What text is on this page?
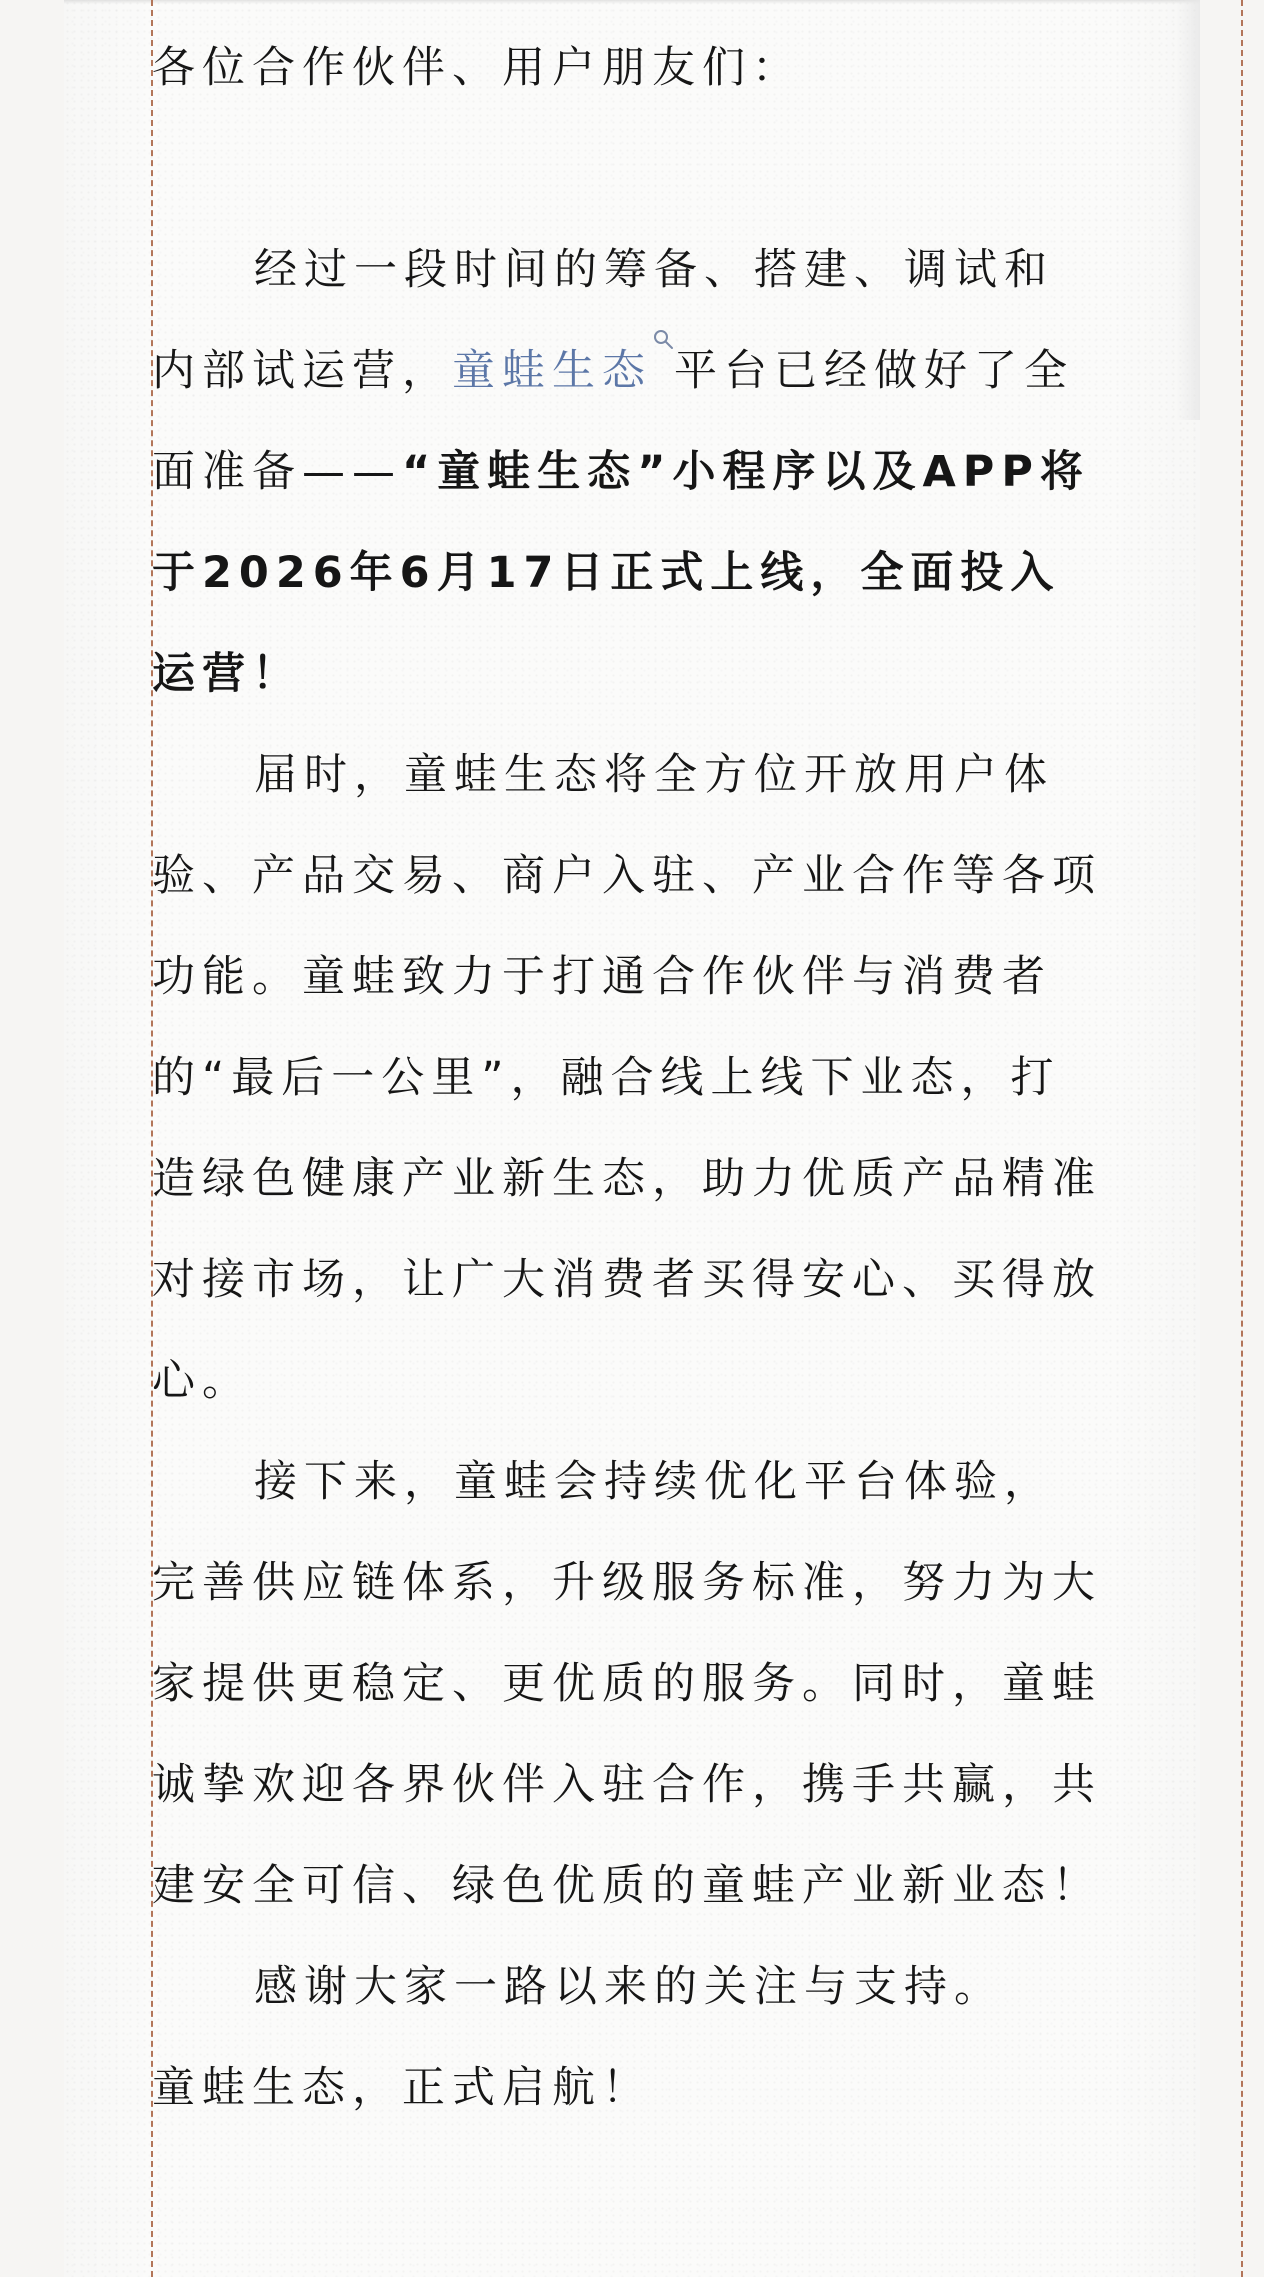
各位合作伙伴、用户朋友们：

经过一段时间的筹备、搭建、调试和内部试运营，童蛙生态 平台已经做好了全面准备——“童蛙生态”小程序以及APP将于2026年6月17日正式上线，全面投入运营！

届时，童蛙生态将全方位开放用户体验、产品交易、商户入驻、产业合作等各项功能。童蛙致力于打通合作伙伴与消费者的“最后一公里”，融合线上线下业态，打造绿色健康产业新生态，助力优质产品精准对接市场，让广大消费者买得安心、买得放心。

接下来，童蛙会持续优化平台体验，完善供应链体系，升级服务标准，努力为大家提供更稳定、更优质的服务。同时，童蛙诚挚欢迎各界伙伴入驻合作，携手共赢，共建安全可信、绿色优质的童蛙产业新业态！

感谢大家一路以来的关注与支持。

童蛙生态，正式启航！
